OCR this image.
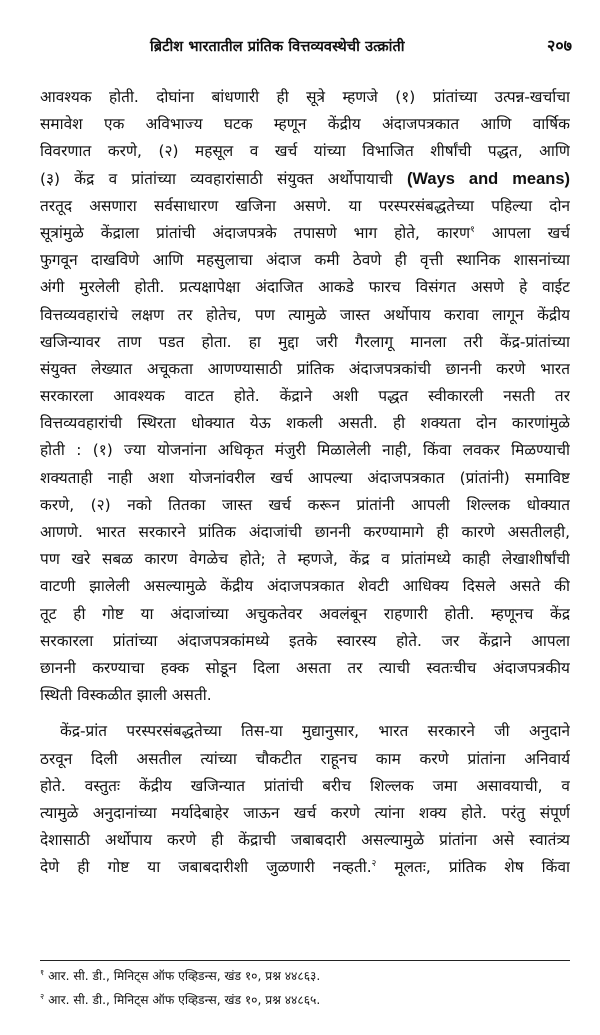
ब्रिटीश भारतातील प्रांतिक वित्तव्यवस्थेची उत्क्रांती	२०७
आवश्यक होती. दोघांना बांधणारी ही सूत्रे म्हणजे (१) प्रांतांच्या उत्पन्न-खर्चाचा
समावेश एक अविभाज्य घटक म्हणून केंद्रीय अंदाजपत्रकात आणि वार्षिक
विवरणात करणे, (२) महसूल व खर्च यांच्या विभाजित शीर्षांची पद्धत, आणि
(३) केंद्र व प्रांतांच्या व्यवहारांसाठी संयुक्त अर्थोपायाची (Ways and means)
तरतूद असणारा सर्वसाधारण खजिना असणे. या परस्परसंबद्धतेच्या पहिल्या दोन
सूत्रांमुळे केंद्राला प्रांतांची अंदाजपत्रके तपासणे भाग होते, कारण$^१$ आपला खर्च
फुगवून दाखविणे आणि महसुलाचा अंदाज कमी ठेवणे ही वृत्ती स्थानिक शासनांच्या
अंगी मुरलेली होती. प्रत्यक्षापेक्षा अंदाजित आकडे फारच विसंगत असणे हे वाईट
वित्तव्यवहारांचे लक्षण तर होतेच, पण त्यामुळे जास्त अर्थोपाय करावा लागून केंद्रीय
खजिन्यावर ताण पडत होता. हा मुद्दा जरी गैरलागू मानला तरी केंद्र-प्रांतांच्या
संयुक्त लेख्यात अचूकता आणण्यासाठी प्रांतिक अंदाजपत्रकांची छाननी करणे भारत
सरकारला आवश्यक वाटत होते. केंद्राने अशी पद्धत स्वीकारली नसती तर
वित्तव्यवहारांची स्थिरता धोक्यात येऊ शकली असती. ही शक्यता दोन कारणांमुळे
होती : (१) ज्या योजनांना अधिकृत मंजुरी मिळालेली नाही, किंवा लवकर मिळण्याची
शक्यताही नाही अशा योजनांवरील खर्च आपल्या अंदाजपत्रकात (प्रांतांनी) समाविष्ट
करणे, (२) नको तितका जास्त खर्च करून प्रांतांनी आपली शिल्लक धोक्यात
आणणे. भारत सरकारने प्रांतिक अंदाजांची छाननी करण्यामागे ही कारणे असतीलही,
पण खरे सबळ कारण वेगळेच होते; ते म्हणजे, केंद्र व प्रांतांमध्ये काही लेखाशीर्षांची
वाटणी झालेली असल्यामुळे केंद्रीय अंदाजपत्रकात शेवटी आधिक्य दिसले असते की
तूट ही गोष्ट या अंदाजांच्या अचुकतेवर अवलंबून राहणारी होती. म्हणूनच केंद्र
सरकारला प्रांतांच्या अंदाजपत्रकांमध्ये इतके स्वारस्य होते. जर केंद्राने आपला
छाननी करण्याचा हक्क सोडून दिला असता तर त्याची स्वतःचीच अंदाजपत्रकीय
स्थिती विस्कळीत झाली असती.
केंद्र-प्रांत परस्परसंबद्धतेच्या तिस-या मुद्यानुसार, भारत सरकारने जी अनुदाने
ठरवून दिली असतील त्यांच्या चौकटीत राहूनच काम करणे प्रांतांना अनिवार्य
होते. वस्तुतः केंद्रीय खजिन्यात प्रांतांची बरीच शिल्लक जमा असावयाची, व
त्यामुळे अनुदानांच्या मर्यादेबाहेर जाऊन खर्च करणे त्यांना शक्य होते. परंतु संपूर्ण
देशासाठी अर्थोपाय करणे ही केंद्राची जबाबदारी असल्यामुळे प्रांतांना असे स्वातंत्र्य
देणे ही गोष्ट या जबाबदारीशी जुळणारी नव्हती.$^२$ मूलतः, प्रांतिक शेष किंवा
$^१$ आर. सी. डी., मिनिट्स ऑफ एव्हिडन्स, खंड १०, प्रश्न ४४८६३.
$^२$ आर. सी. डी., मिनिट्स ऑफ एव्हिडन्स, खंड १०, प्रश्न ४४८६५.
